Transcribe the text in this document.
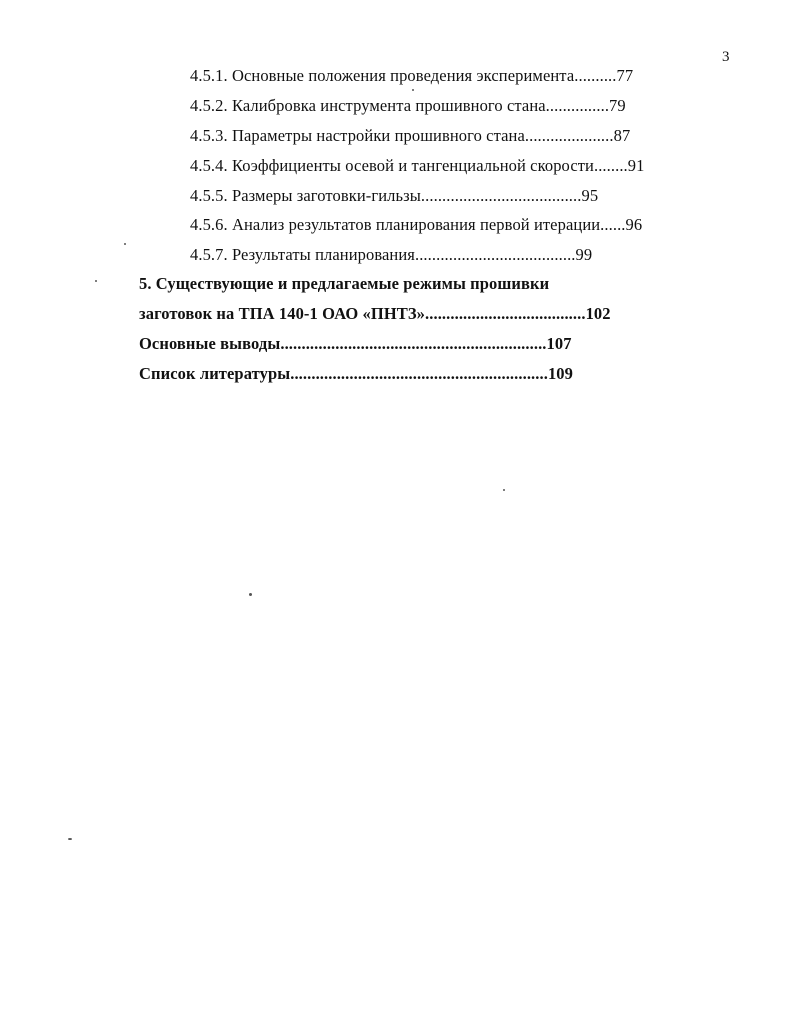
3
4.5.1. Основные положения проведения эксперимента..........77
4.5.2. Калибровка инструмента прошивного стана...............79
4.5.3. Параметры настройки прошивного стана.....................87
4.5.4. Коэффициенты осевой и тангенциальной скорости........91
4.5.5. Размеры заготовки-гильзы......................................95
4.5.6. Анализ результатов планирования первой итерации......96
4.5.7. Результаты планирования......................................99
5. Существующие и предлагаемые режимы прошивки
заготовок на ТПА 140-1 ОАО «ПНТЗ»......................................102
Основные выводы...............................................................107
Список литературы.............................................................109
